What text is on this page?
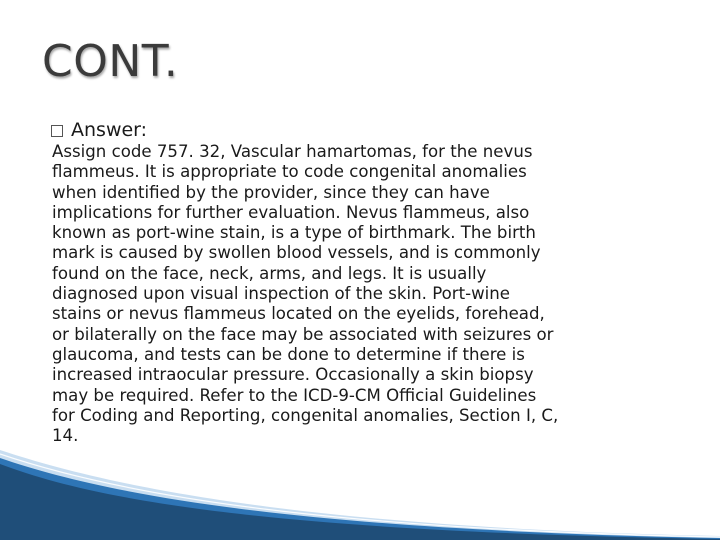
CONT.
Answer:
Assign code 757. 32, Vascular hamartomas, for the nevus
flammeus. It is appropriate to code congenital anomalies
when identified by the provider, since they can have
implications for further evaluation. Nevus flammeus, also
known as port-wine stain, is a type of birthmark. The birth
mark is caused by swollen blood vessels, and is commonly
found on the face, neck, arms, and legs. It is usually
diagnosed upon visual inspection of the skin. Port-wine
stains or nevus flammeus located on the eyelids, forehead,
or bilaterally on the face may be associated with seizures or
glaucoma, and tests can be done to determine if there is
increased intraocular pressure. Occasionally a skin biopsy
may be required. Refer to the ICD-9-CM Official Guidelines
for Coding and Reporting, congenital anomalies, Section I, C,
14.
